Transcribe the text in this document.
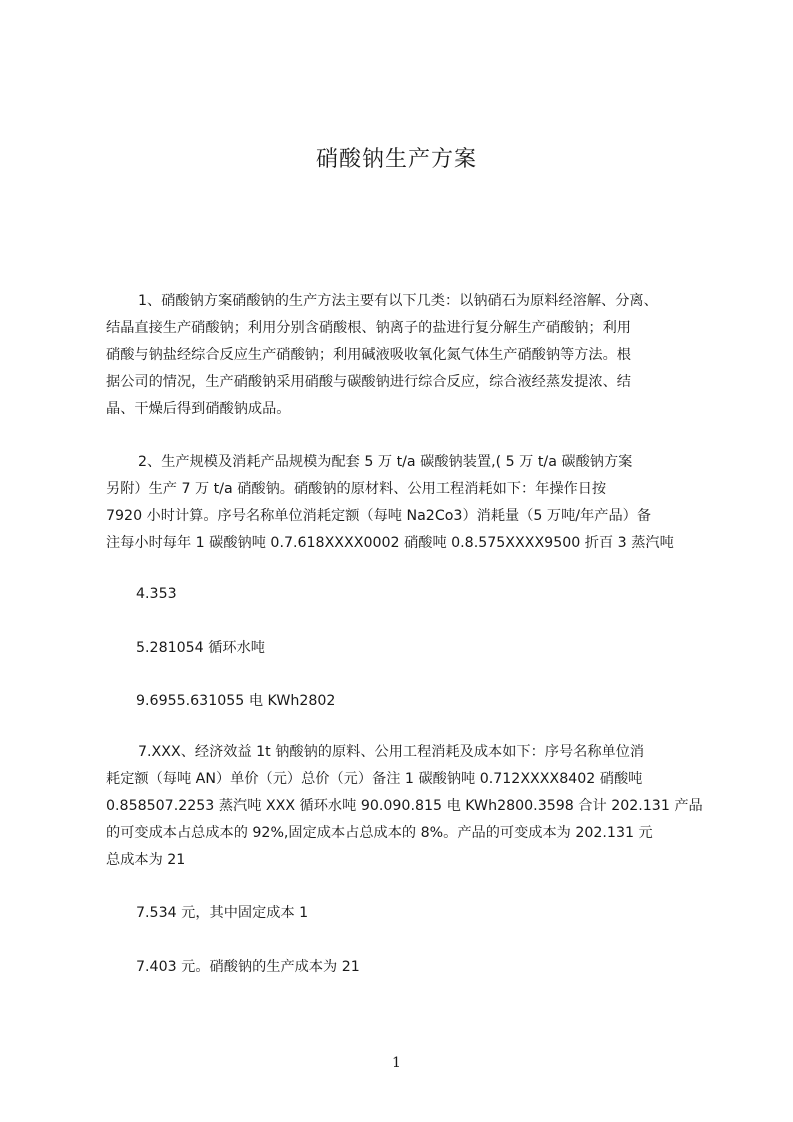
硝酸钠生产方案
1、硝酸钠方案硝酸钠的生产方法主要有以下几类：以钠硝石为原料经溶解、分离、
结晶直接生产硝酸钠；利用分别含硝酸根、钠离子的盐进行复分解生产硝酸钠；利用
硝酸与钠盐经综合反应生产硝酸钠；利用碱液吸收氧化氮气体生产硝酸钠等方法。根
据公司的情况，生产硝酸钠采用硝酸与碳酸钠进行综合反应，综合液经蒸发提浓、结
晶、干燥后得到硝酸钠成品。
2、生产规模及消耗产品规模为配套 5 万 t/a 碳酸钠装置,( 5 万 t/a 碳酸钠方案
另附）生产 7 万 t/a 硝酸钠。硝酸钠的原材料、公用工程消耗如下：年操作日按
7920 小时计算。序号名称单位消耗定额（每吨 Na2Co3）消耗量（5 万吨/年产品）备
注每小时每年 1 碳酸钠吨 0.7.618XXXX0002 硝酸吨 0.8.575XXXX9500 折百 3 蒸汽吨
4.353
5.281054 循环水吨
9.6955.631055 电 KWh2802
7.XXX、经济效益 1t 钠酸钠的原料、公用工程消耗及成本如下：序号名称单位消
耗定额（每吨 AN）单价（元）总价（元）备注 1 碳酸钠吨 0.712XXXX8402 硝酸吨
0.858507.2253 蒸汽吨 XXX 循环水吨 90.090.815 电 KWh2800.3598 合计 202.131 产品
的可变成本占总成本的 92%,固定成本占总成本的 8%。产品的可变成本为 202.131 元
总成本为 21
7.534 元，其中固定成本 1
7.403 元。硝酸钠的生产成本为 21
1
